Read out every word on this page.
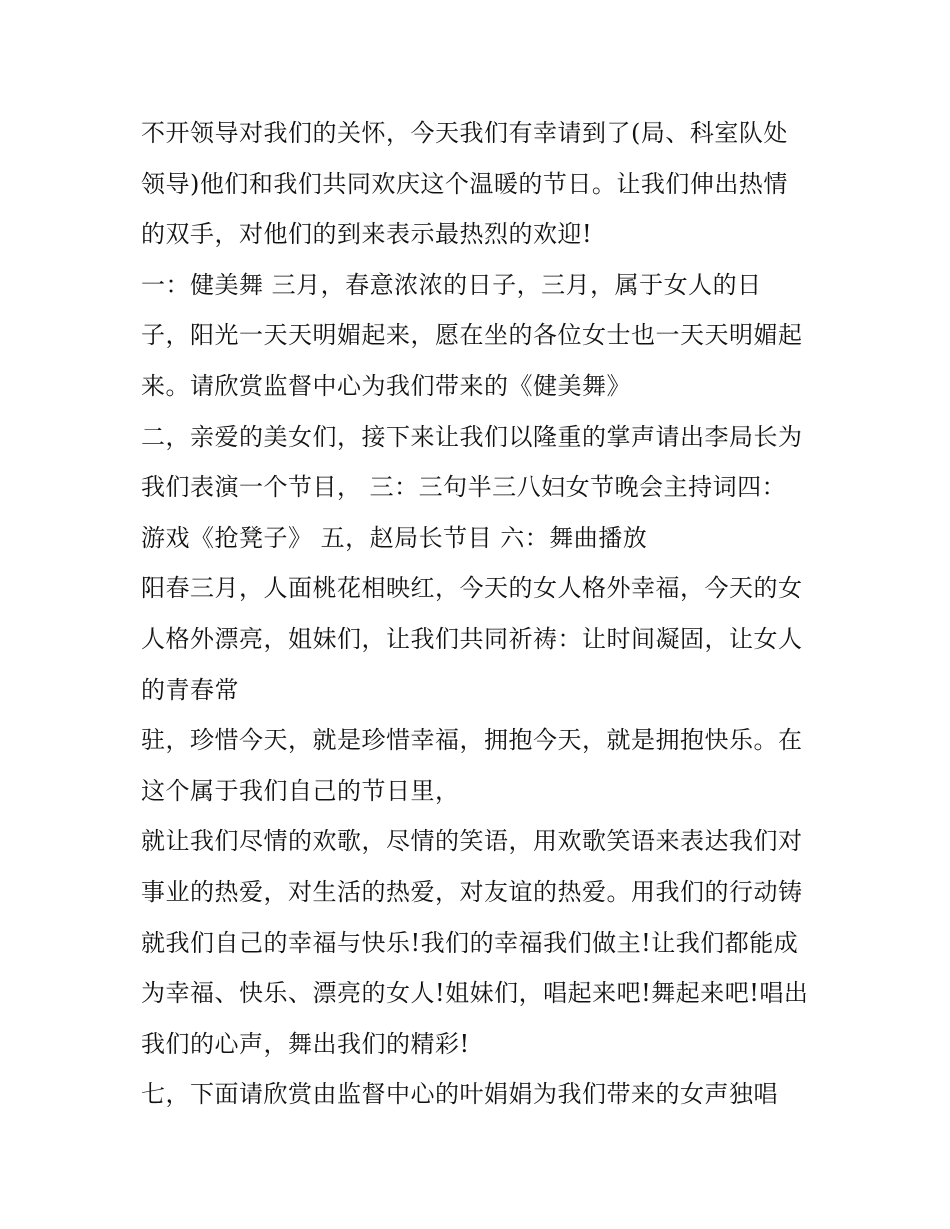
不开领导对我们的关怀，今天我们有幸请到了(局、科室队处
领导)他们和我们共同欢庆这个温暖的节日。让我们伸出热情
的双手，对他们的到来表示最热烈的欢迎!
一：健美舞 三月，春意浓浓的日子，三月，属于女人的日
子，阳光一天天明媚起来，愿在坐的各位女士也一天天明媚起
来。请欣赏监督中心为我们带来的《健美舞》
二，亲爱的美女们，接下来让我们以隆重的掌声请出李局长为
我们表演一个节目， 三：三句半三八妇女节晚会主持词四：
游戏《抢凳子》 五，赵局长节目 六：舞曲播放
阳春三月，人面桃花相映红，今天的女人格外幸福，今天的女
人格外漂亮，姐妹们，让我们共同祈祷：让时间凝固，让女人
的青春常
驻，珍惜今天，就是珍惜幸福，拥抱今天，就是拥抱快乐。在
这个属于我们自己的节日里，
就让我们尽情的欢歌，尽情的笑语，用欢歌笑语来表达我们对
事业的热爱，对生活的热爱，对友谊的热爱。用我们的行动铸
就我们自己的幸福与快乐!我们的幸福我们做主!让我们都能成
为幸福、快乐、漂亮的女人!姐妹们，唱起来吧!舞起来吧!唱出
我们的心声，舞出我们的精彩!
七，下面请欣赏由监督中心的叶娟娟为我们带来的女声独唱
